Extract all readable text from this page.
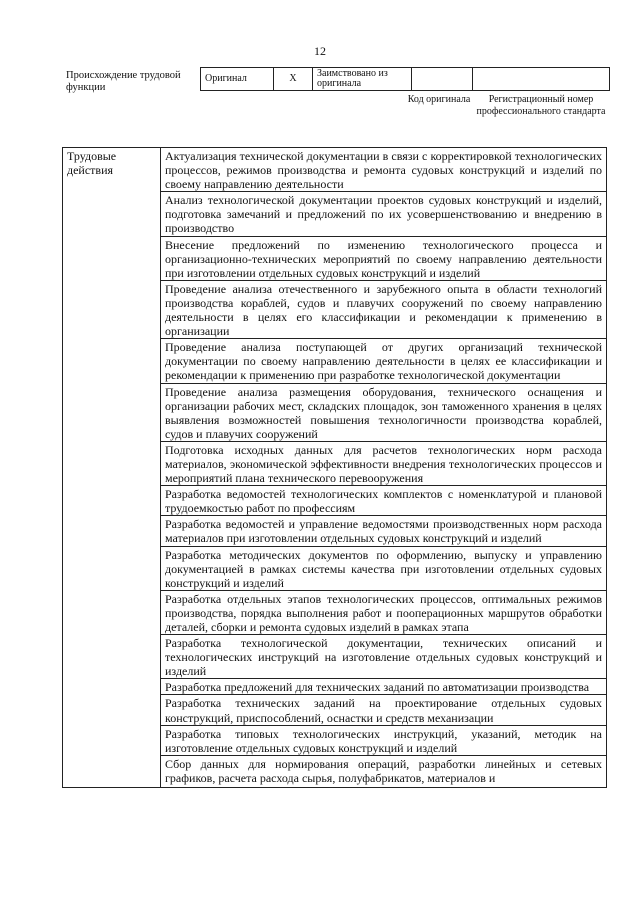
12
Происхождение трудовой функции
Оригинал	X	Заимствовано из оригинала		
Код оригинала	Регистрационный номер профессионального стандарта
Трудовые действия	Актуализация технической документации в связи с корректировкой технологических процессов, режимов производства и ремонта судовых конструкций и изделий по своему направлению деятельности
Анализ технологической документации проектов судовых конструкций и изделий, подготовка замечаний и предложений по их усовершенствованию и внедрению в производство
Внесение предложений по изменению технологического процесса и организационно-технических мероприятий по своему направлению деятельности при изготовлении отдельных судовых конструкций и изделий
Проведение анализа отечественного и зарубежного опыта в области технологий производства кораблей, судов и плавучих сооружений по своему направлению деятельности в целях его классификации и рекомендации к применению в организации
Проведение анализа поступающей от других организаций технической документации по своему направлению деятельности в целях ее классификации и рекомендации к применению при разработке технологической документации
Проведение анализа размещения оборудования, технического оснащения и организации рабочих мест, складских площадок, зон таможенного хранения в целях выявления возможностей повышения технологичности производства кораблей, судов и плавучих сооружений
Подготовка исходных данных для расчетов технологических норм расхода материалов, экономической эффективности внедрения технологических процессов и мероприятий плана технического перевооружения
Разработка ведомостей технологических комплектов с номенклатурой и плановой трудоемкостью работ по профессиям
Разработка ведомостей и управление ведомостями производственных норм расхода материалов при изготовлении отдельных судовых конструкций и изделий
Разработка методических документов по оформлению, выпуску и управлению документацией в рамках системы качества при изготовлении отдельных судовых конструкций и изделий
Разработка отдельных этапов технологических процессов, оптимальных режимов производства, порядка выполнения работ и пооперационных маршрутов обработки деталей, сборки и ремонта судовых изделий в рамках этапа
Разработка технологической документации, технических описаний и технологических инструкций на изготовление отдельных судовых конструкций и изделий
Разработка предложений для технических заданий по автоматизации производства
Разработка технических заданий на проектирование отдельных судовых конструкций, приспособлений, оснастки и средств механизации
Разработка типовых технологических инструкций, указаний, методик на изготовление отдельных судовых конструкций и изделий
Сбор данных для нормирования операций, разработки линейных и сетевых графиков, расчета расхода сырья, полуфабрикатов, материалов и
